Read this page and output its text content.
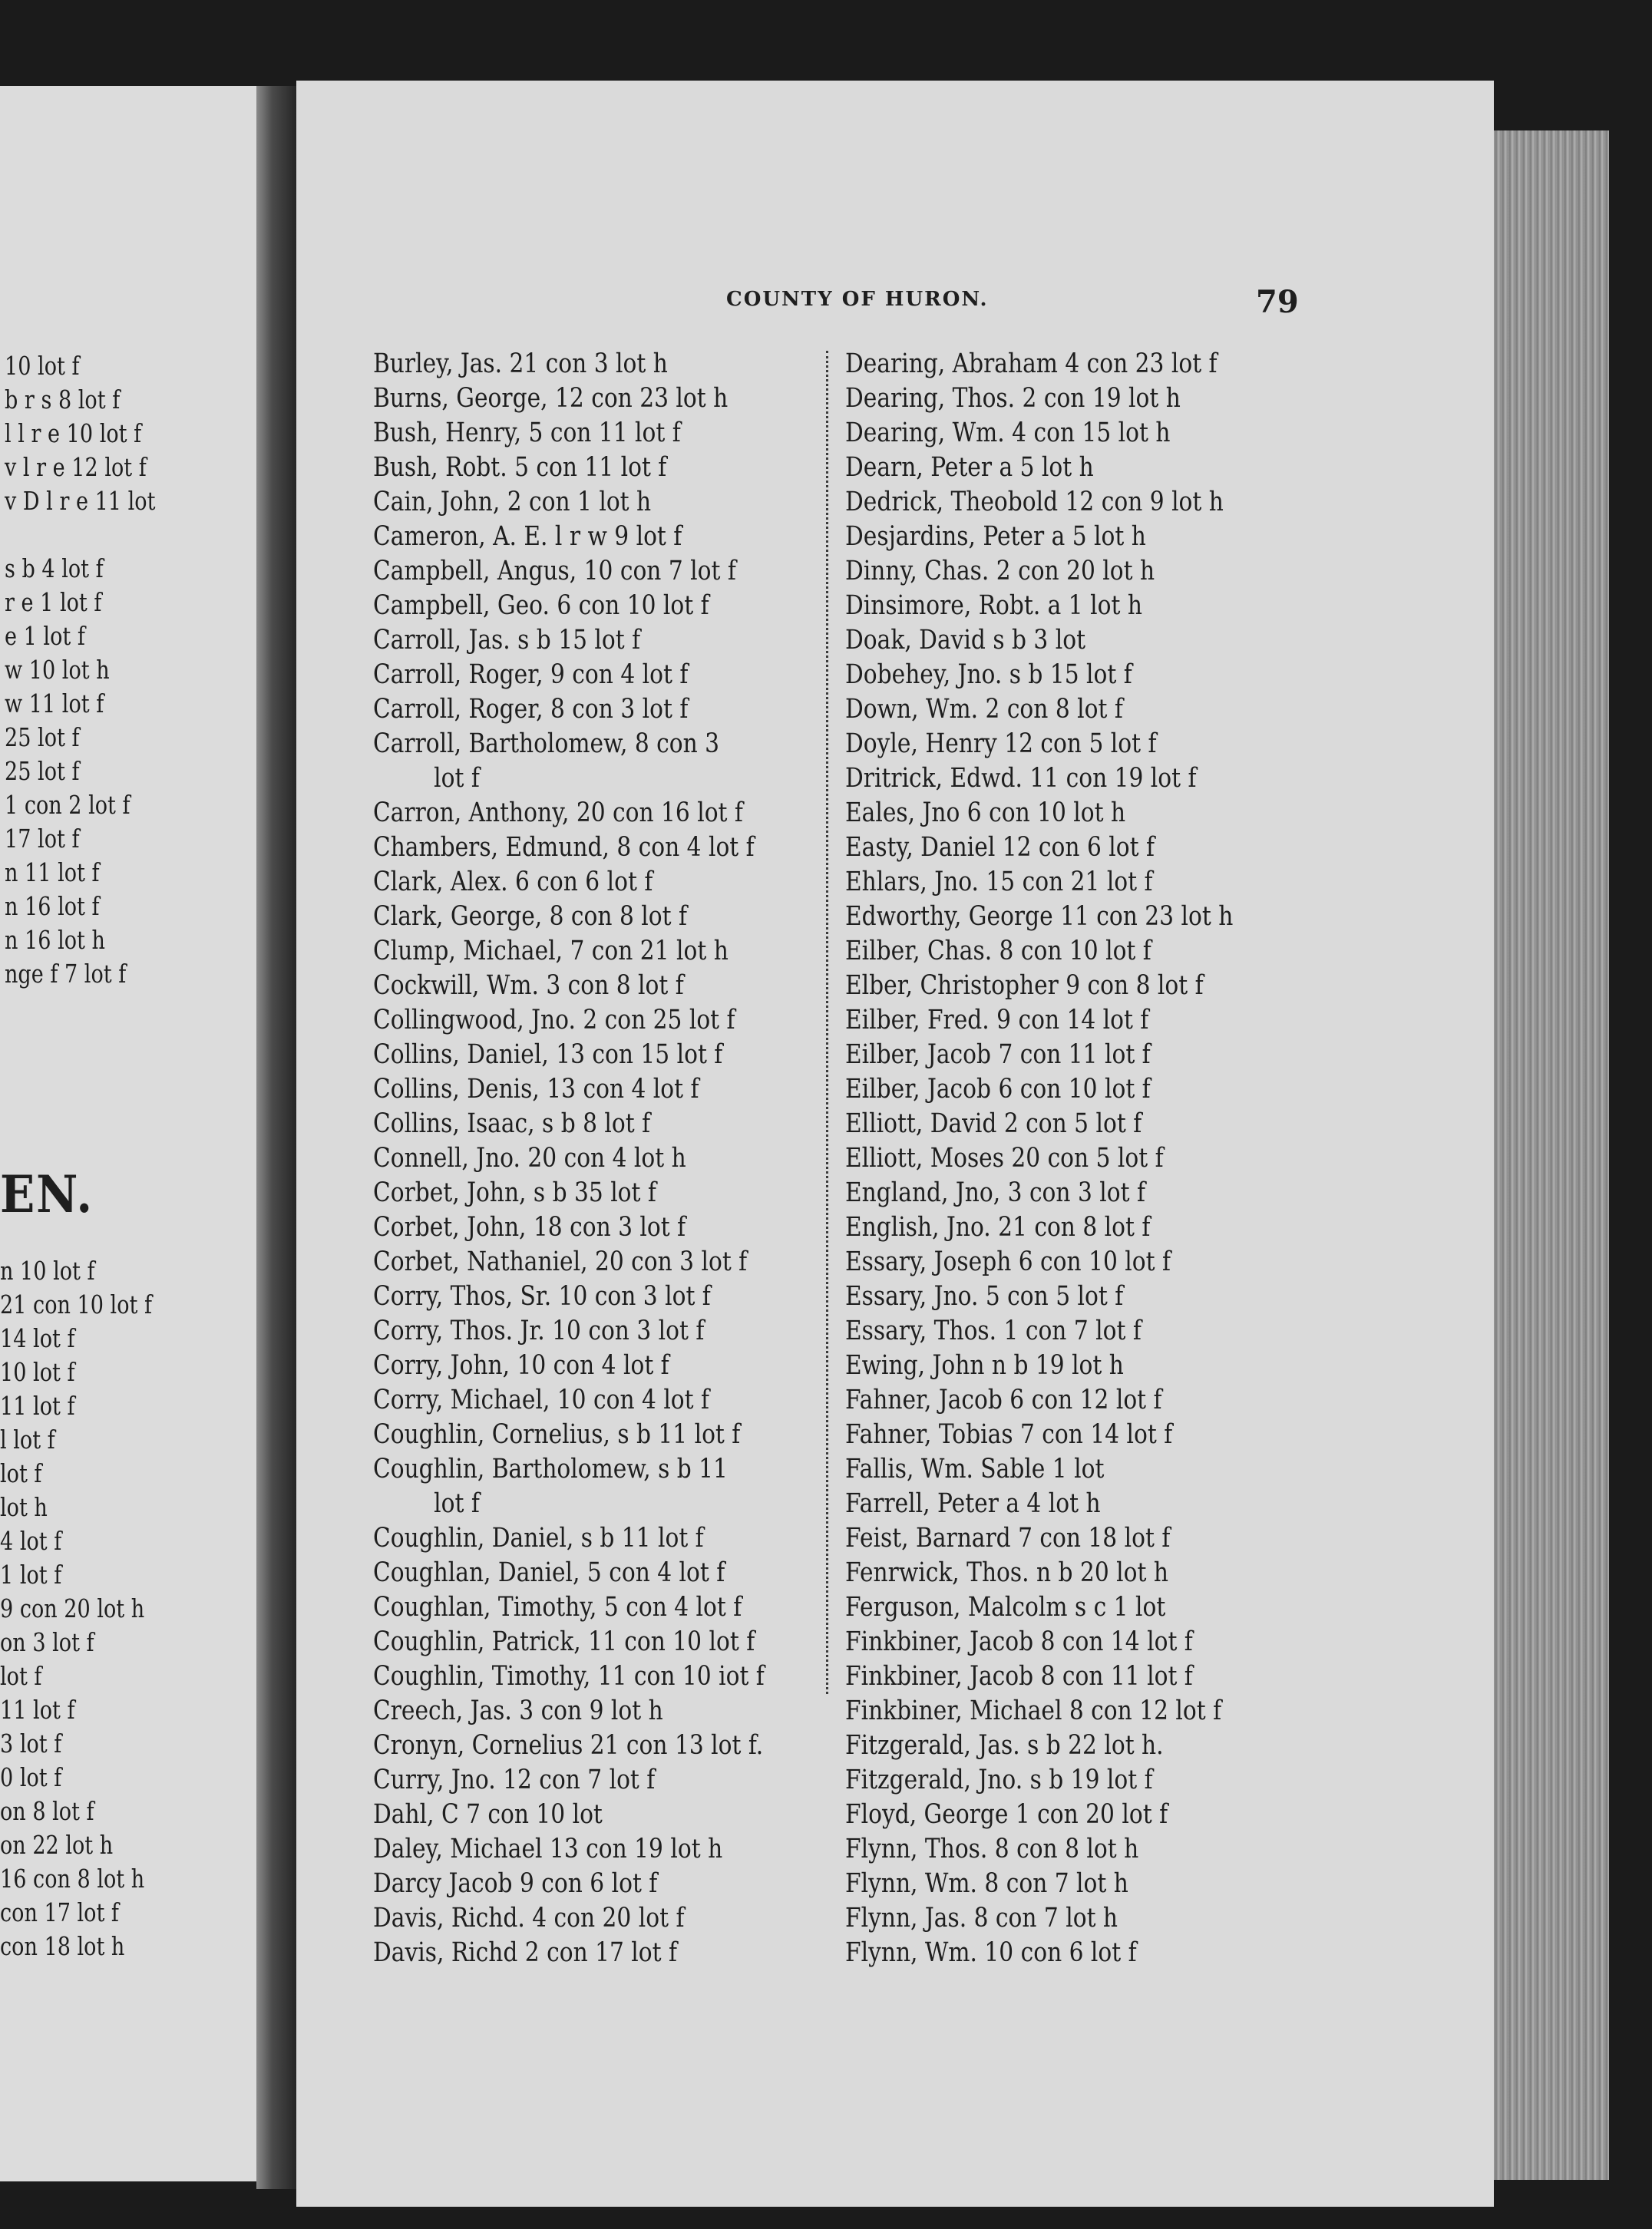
10 lot f
b r s 8 lot f
l l r e 10 lot f
v l r e 12 lot f
v D l r e 11 lot
s b 4 lot f
r e 1 lot f
e 1 lot f
w 10 lot h
w 11 lot f
25 lot f
25 lot f
1 con 2 lot f
17 lot f
n 11 lot f
n 16 lot f
n 16 lot h
nge f 7 lot f
EN.
n 10 lot f
21 con 10 lot f
14 lot f
10 lot f
11 lot f
l lot f
lot f
lot h
4 lot f
1 lot f
9 con 20 lot h
on 3 lot f
lot f
11 lot f
3 lot f
0 lot f
on 8 lot f
on 22 lot h
16 con 8 lot h
con 17 lot f
con 18 lot h
COUNTY OF HURON.	79
Burley, Jas. 21 con 3 lot h
Burns, George, 12 con 23 lot h
Bush, Henry, 5 con 11 lot f
Bush, Robt. 5 con 11 lot f
Cain, John, 2 con 1 lot h
Cameron, A. E. l r w 9 lot f
Campbell, Angus, 10 con 7 lot f
Campbell, Geo. 6 con 10 lot f
Carroll, Jas. s b 15 lot f
Carroll, Roger, 9 con 4 lot f
Carroll, Roger, 8 con 3 lot f
Carroll, Bartholomew, 8 con 3
lot f
Carron, Anthony, 20 con 16 lot f
Chambers, Edmund, 8 con 4 lot f
Clark, Alex. 6 con 6 lot f
Clark, George, 8 con 8 lot f
Clump, Michael, 7 con 21 lot h
Cockwill, Wm. 3 con 8 lot f
Collingwood, Jno. 2 con 25 lot f
Collins, Daniel, 13 con 15 lot f
Collins, Denis, 13 con 4 lot f
Collins, Isaac, s b 8 lot f
Connell, Jno. 20 con 4 lot h
Corbet, John, s b 35 lot f
Corbet, John, 18 con 3 lot f
Corbet, Nathaniel, 20 con 3 lot f
Corry, Thos, Sr. 10 con 3 lot f
Corry, Thos. Jr. 10 con 3 lot f
Corry, John, 10 con 4 lot f
Corry, Michael, 10 con 4 lot f
Coughlin, Cornelius, s b 11 lot f
Coughlin, Bartholomew, s b 11
lot f
Coughlin, Daniel, s b 11 lot f
Coughlan, Daniel, 5 con 4 lot f
Coughlan, Timothy, 5 con 4 lot f
Coughlin, Patrick, 11 con 10 lot f
Coughlin, Timothy, 11 con 10 iot f
Creech, Jas. 3 con 9 lot h
Cronyn, Cornelius 21 con 13 lot f.
Curry, Jno. 12 con 7 lot f
Dahl, C 7 con 10 lot
Daley, Michael 13 con 19 lot h
Darcy Jacob 9 con 6 lot f
Davis, Richd. 4 con 20 lot f
Davis, Richd 2 con 17 lot f
Dearing, Abraham 4 con 23 lot f
Dearing, Thos. 2 con 19 lot h
Dearing, Wm. 4 con 15 lot h
Dearn, Peter a 5 lot h
Dedrick, Theobold 12 con 9 lot h
Desjardins, Peter a 5 lot h
Dinny, Chas. 2 con 20 lot h
Dinsimore, Robt. a 1 lot h
Doak, David s b 3 lot
Dobehey, Jno. s b 15 lot f
Down, Wm. 2 con 8 lot f
Doyle, Henry 12 con 5 lot f
Dritrick, Edwd. 11 con 19 lot f
Eales, Jno 6 con 10 lot h
Easty, Daniel 12 con 6 lot f
Ehlars, Jno. 15 con 21 lot f
Edworthy, George 11 con 23 lot h
Eilber, Chas. 8 con 10 lot f
Elber, Christopher 9 con 8 lot f
Eilber, Fred. 9 con 14 lot f
Eilber, Jacob 7 con 11 lot f
Eilber, Jacob 6 con 10 lot f
Elliott, David 2 con 5 lot f
Elliott, Moses 20 con 5 lot f
England, Jno, 3 con 3 lot f
English, Jno. 21 con 8 lot f
Essary, Joseph 6 con 10 lot f
Essary, Jno. 5 con 5 lot f
Essary, Thos. 1 con 7 lot f
Ewing, John n b 19 lot h
Fahner, Jacob 6 con 12 lot f
Fahner, Tobias 7 con 14 lot f
Fallis, Wm. Sable 1 lot
Farrell, Peter a 4 lot h
Feist, Barnard 7 con 18 lot f
Fenrwick, Thos. n b 20 lot h
Ferguson, Malcolm s c 1 lot
Finkbiner, Jacob 8 con 14 lot f
Finkbiner, Jacob 8 con 11 lot f
Finkbiner, Michael 8 con 12 lot f
Fitzgerald, Jas. s b 22 lot h.
Fitzgerald, Jno. s b 19 lot f
Floyd, George 1 con 20 lot f
Flynn, Thos. 8 con 8 lot h
Flynn, Wm. 8 con 7 lot h
Flynn, Jas. 8 con 7 lot h
Flynn, Wm. 10 con 6 lot f
